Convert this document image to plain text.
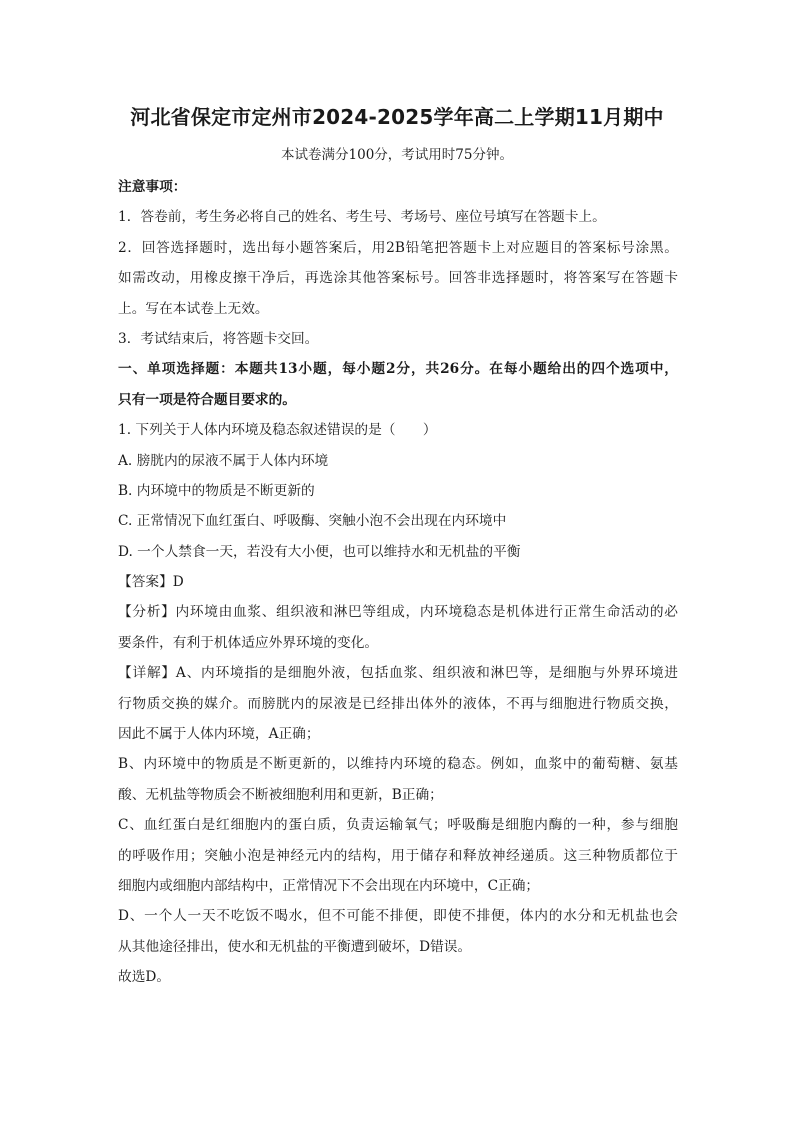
河北省保定市定州市2024-2025学年高二上学期11月期中
本试卷满分100分，考试用时75分钟。
注意事项：
1．答卷前，考生务必将自己的姓名、考生号、考场号、座位号填写在答题卡上。
2．回答选择题时，选出每小题答案后，用2B铅笔把答题卡上对应题目的答案标号涂黑。
如需改动，用橡皮擦干净后，再选涂其他答案标号。回答非选择题时，将答案写在答题卡
上。写在本试卷上无效。
3．考试结束后，将答题卡交回。
一、单项选择题：本题共13小题，每小题2分，共26分。在每小题给出的四个选项中，
只有一项是符合题目要求的。
1. 下列关于人体内环境及稳态叙述错误的是（　　）
A. 膀胱内的尿液不属于人体内环境
B. 内环境中的物质是不断更新的
C. 正常情况下血红蛋白、呼吸酶、突触小泡不会出现在内环境中
D. 一个人禁食一天，若没有大小便，也可以维持水和无机盐的平衡
【答案】D
【分析】内环境由血浆、组织液和淋巴等组成，内环境稳态是机体进行正常生命活动的必
要条件，有利于机体适应外界环境的变化。
【详解】A、内环境指的是细胞外液，包括血浆、组织液和淋巴等，是细胞与外界环境进
行物质交换的媒介。而膀胱内的尿液是已经排出体外的液体，不再与细胞进行物质交换，
因此不属于人体内环境，A正确；
B、内环境中的物质是不断更新的，以维持内环境的稳态。例如，血浆中的葡萄糖、氨基
酸、无机盐等物质会不断被细胞利用和更新，B正确；
C、血红蛋白是红细胞内的蛋白质，负责运输氧气；呼吸酶是细胞内酶的一种，参与细胞
的呼吸作用；突触小泡是神经元内的结构，用于储存和释放神经递质。这三种物质都位于
细胞内或细胞内部结构中，正常情况下不会出现在内环境中，C正确；
D、一个人一天不吃饭不喝水，但不可能不排便，即使不排便，体内的水分和无机盐也会
从其他途径排出，使水和无机盐的平衡遭到破坏，D错误。
故选D。
